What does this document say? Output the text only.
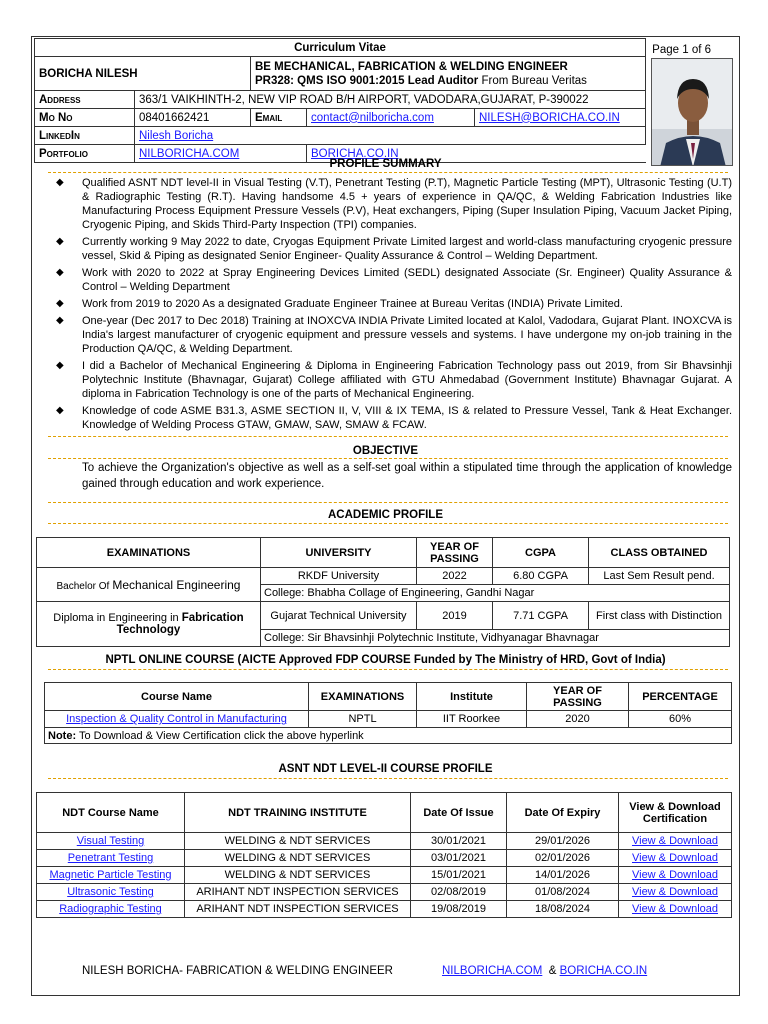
Curriculum Vitae				
BORICHA NILESH		BE MECHANICAL, FABRICATION & WELDING ENGINEER
PR328: QMS ISO 9001:2015 Lead Auditor From Bureau Veritas		

Address	363/1 VAIKHINTH-2, NEW VIP ROAD B/H AIRPORT, VADODARA,GUJARAT, P-390022			
Mo No	08401662421	Email	contact@nilboricha.com	NILESH@BORICHA.CO.IN
LinkedIn	Nilesh Boricha			
Portfolio	NILBORICHA.COM		BORICHA.CO.IN	
Page 1 of 6
PROFILE SUMMARY
◆ Qualified ASNT NDT level-II in Visual Testing (V.T), Penetrant Testing (P.T), Magnetic Particle Testing (MPT), Ultrasonic Testing (U.T) & Radiographic Testing (R.T). Having handsome 4.5 + years of experience in QA/QC, & Welding Fabrication Industries like Manufacturing Process Equipment Pressure Vessels (P.V), Heat exchangers, Piping (Super Insulation Piping, Vacuum Jacket Piping, Cryogenic Piping, and Skids Third-Party Inspection (TPI) companies.
◆ Currently working 9 May 2022 to date, Cryogas Equipment Private Limited largest and world-class manufacturing cryogenic pressure vessel, Skid & Piping as designated Senior Engineer- Quality Assurance & Control – Welding Department.
◆ Work with 2020 to 2022 at Spray Engineering Devices Limited (SEDL) designated Associate (Sr. Engineer) Quality Assurance & Control – Welding Department
◆ Work from 2019 to 2020 As a designated Graduate Engineer Trainee at Bureau Veritas (INDIA) Private Limited.
◆ One-year (Dec 2017 to Dec 2018) Training at INOXCVA INDIA Private Limited located at Kalol, Vadodara, Gujarat Plant. INOXCVA is India's largest manufacturer of cryogenic equipment and pressure vessels and systems. I have undergone my on-job training in the Production QA/QC, & Welding Department.
◆ I did a Bachelor of Mechanical Engineering & Diploma in Engineering Fabrication Technology pass out 2019, from Sir Bhavsinhji Polytechnic Institute (Bhavnagar, Gujarat) College affiliated with GTU Ahmedabad (Government Institute) Bhavnagar Gujarat. A diploma in Fabrication Technology is one of the parts of Mechanical Engineering.
◆ Knowledge of code ASME B31.3, ASME SECTION II, V, VIII & IX TEMA, IS & related to Pressure Vessel, Tank & Heat Exchanger. Knowledge of Welding Process GTAW, GMAW, SAW, SMAW & FCAW.
OBJECTIVE
To achieve the Organization's objective as well as a self-set goal within a stipulated time through the application of knowledge gained through education and work experience.
ACADEMIC PROFILE
EXAMINATIONS	UNIVERSITY	YEAR OF PASSING	CGPA	CLASS OBTAINED
Bachelor Of Mechanical Engineering	RKDF University	2022	6.80 CGPA	Last Sem Result pend.
	College: Bhabha Collage of Engineering, Gandhi Nagar			
Diploma in Engineering in Fabrication Technology	Gujarat Technical University	2019	7.71 CGPA	First class with Distinction
	College: Sir Bhavsinhji Polytechnic Institute, Vidhyanagar Bhavnagar			
NPTL ONLINE COURSE (AICTE Approved FDP COURSE Funded by The Ministry of HRD, Govt of India)
Course Name	EXAMINATIONS	Institute	YEAR OF PASSING	PERCENTAGE
Inspection & Quality Control in Manufacturing	NPTL	IIT Roorkee	2020	60%
Note: To Download & View Certification click the above hyperlink				
ASNT NDT LEVEL-II COURSE PROFILE
NDT Course Name	NDT TRAINING INSTITUTE	Date Of Issue	Date Of Expiry	View & Download Certification
Visual Testing	WELDING & NDT SERVICES	30/01/2021	29/01/2026	View & Download
Penetrant Testing	WELDING & NDT SERVICES	03/01/2021	02/01/2026	View & Download
Magnetic Particle Testing	WELDING & NDT SERVICES	15/01/2021	14/01/2026	View & Download
Ultrasonic Testing	ARIHANT NDT INSPECTION SERVICES	02/08/2019	01/08/2024	View & Download
Radiographic Testing	ARIHANT NDT INSPECTION SERVICES	19/08/2019	18/08/2024	View & Download
NILESH BORICHA- FABRICATION & WELDING ENGINEER	NILBORICHA.COM & BORICHA.CO.IN
